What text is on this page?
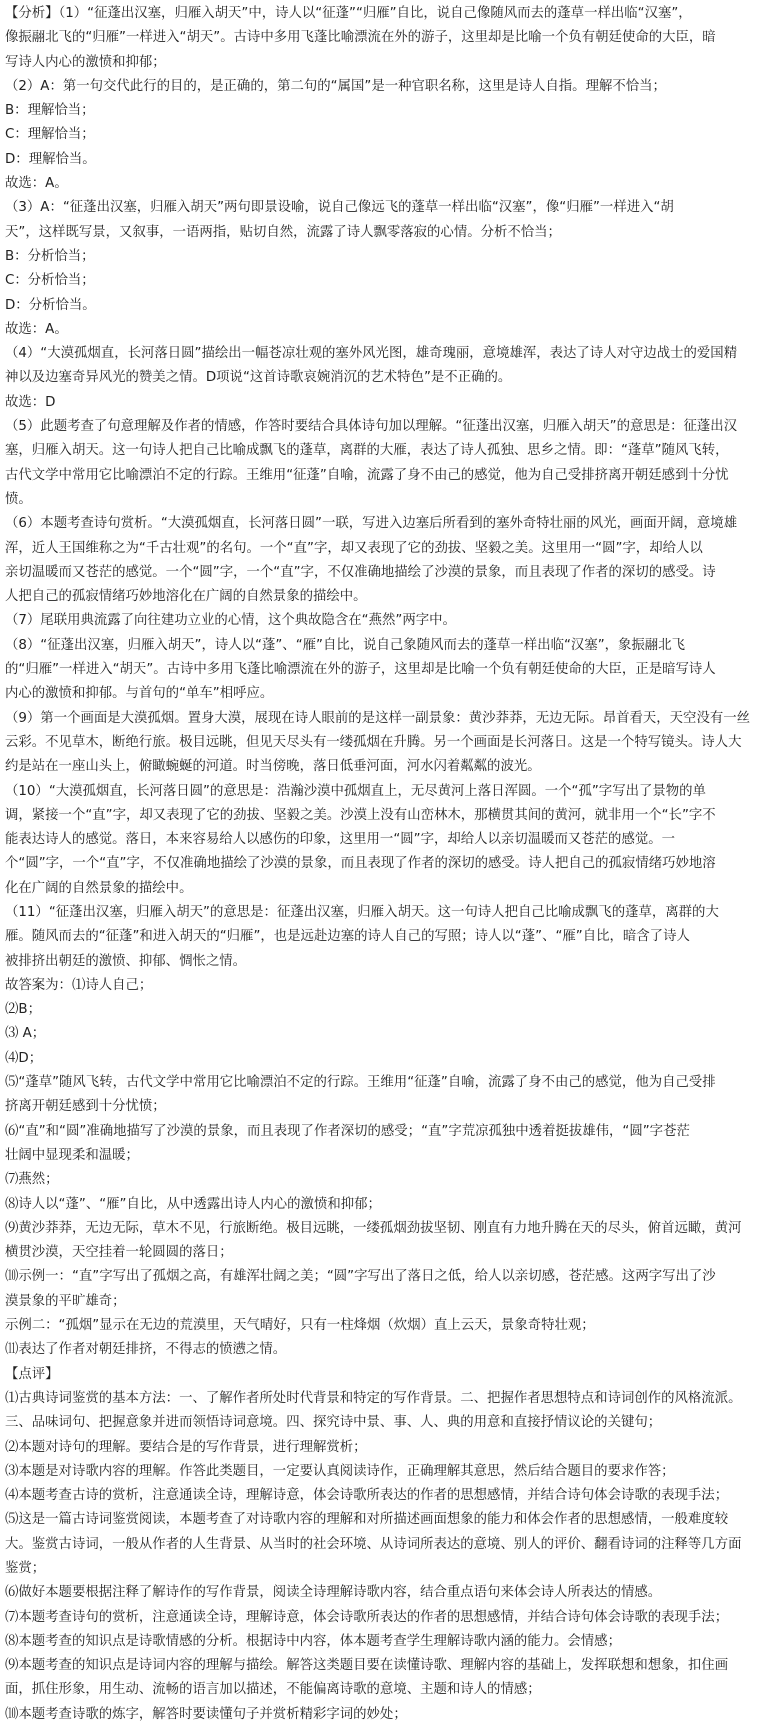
【分析】（1）“征蓬出汉塞，归雁入胡天”中，诗人以“征蓬”“归雁”自比，说自己像随风而去的蓬草一样出临“汉塞”，
像振翮北飞的“归雁”一样进入“胡天”。古诗中多用飞蓬比喻漂流在外的游子，这里却是比喻一个负有朝廷使命的大臣，暗
写诗人内心的激愤和抑郁；
（2）A：第一句交代此行的目的，是正确的，第二句的“属国”是一种官职名称，这里是诗人自指。理解不恰当；
B：理解恰当；
C：理解恰当；
D：理解恰当。
故选：A。
（3）A：“征蓬出汉塞，归雁入胡天”两句即景设喻，说自己像远飞的蓬草一样出临“汉塞”，像“归雁”一样进入“胡
天”，这样既写景，又叙事，一语两指，贴切自然，流露了诗人飘零落寂的心情。分析不恰当；
B：分析恰当；
C：分析恰当；
D：分析恰当。
故选：A。
（4）“大漠孤烟直，长河落日圆”描绘出一幅苍凉壮观的塞外风光图，雄奇瑰丽，意境雄浑，表达了诗人对守边战士的爱国精
神以及边塞奇异风光的赞美之情。D项说“这首诗歌哀婉消沉的艺术特色”是不正确的。
故选：D
（5）此题考查了句意理解及作者的情感，作答时要结合具体诗句加以理解。“征蓬出汉塞，归雁入胡天”的意思是：征蓬出汉
塞，归雁入胡天。这一句诗人把自己比喻成飘飞的蓬草，离群的大雁，表达了诗人孤独、思乡之情。即：“蓬草”随风飞转，
古代文学中常用它比喻漂泊不定的行踪。王维用“征蓬”自喻，流露了身不由己的感觉，他为自己受排挤离开朝廷感到十分忧
愤。
（6）本题考查诗句赏析。“大漠孤烟直，长河落日圆”一联，写进入边塞后所看到的塞外奇特壮丽的风光，画面开阔，意境雄
浑，近人王国维称之为“千古壮观”的名句。一个“直”字，却又表现了它的劲拔、坚毅之美。这里用一“圆”字，却给人以
亲切温暖而又苍茫的感觉。一个“圆”字，一个“直”字，不仅准确地描绘了沙漠的景象，而且表现了作者的深切的感受。诗
人把自己的孤寂情绪巧妙地溶化在广阔的自然景象的描绘中。
（7）尾联用典流露了向往建功立业的心情，这个典故隐含在“燕然”两字中。
（8）“征蓬出汉塞，归雁入胡天”，诗人以“蓬”、“雁”自比，说自己象随风而去的蓬草一样出临“汉塞”，象振翮北飞
的“归雁”一样进入“胡天”。古诗中多用飞蓬比喻漂流在外的游子，这里却是比喻一个负有朝廷使命的大臣，正是暗写诗人
内心的激愤和抑郁。与首句的“单车”相呼应。
（9）第一个画面是大漠孤烟。置身大漠，展现在诗人眼前的是这样一副景象：黄沙莽莽，无边无际。昂首看天，天空没有一丝
云彩。不见草木，断绝行旅。极目远眺，但见天尽头有一缕孤烟在升腾。另一个画面是长河落日。这是一个特写镜头。诗人大
约是站在一座山头上，俯瞰蜿蜒的河道。时当傍晚，落日低垂河面，河水闪着粼粼的波光。
（10）“大漠孤烟直，长河落日圆”的意思是：浩瀚沙漠中孤烟直上，无尽黄河上落日浑圆。一个“孤”字写出了景物的单
调，紧接一个“直”字，却又表现了它的劲拔、坚毅之美。沙漠上没有山峦林木，那横贯其间的黄河，就非用一个“长”字不
能表达诗人的感觉。落日，本来容易给人以感伤的印象，这里用一“圆”字，却给人以亲切温暖而又苍茫的感觉。一
个“圆”字，一个“直”字，不仅准确地描绘了沙漠的景象，而且表现了作者的深切的感受。诗人把自己的孤寂情绪巧妙地溶
化在广阔的自然景象的描绘中。
（11）“征蓬出汉塞，归雁入胡天”的意思是：征蓬出汉塞，归雁入胡天。这一句诗人把自己比喻成飘飞的蓬草，离群的大
雁。随风而去的“征蓬”和进入胡天的“归雁”，也是远赴边塞的诗人自己的写照；诗人以“蓬”、“雁”自比，暗含了诗人
被排挤出朝廷的激愤、抑郁、惆怅之情。
故答案为：⑴诗人自己；
⑵B；
⑶ A；
⑷D；
⑸“蓬草”随风飞转，古代文学中常用它比喻漂泊不定的行踪。王维用“征蓬”自喻，流露了身不由己的感觉，他为自己受排
挤离开朝廷感到十分忧愤；
⑹“直”和“圆”准确地描写了沙漠的景象，而且表现了作者深切的感受；“直”字荒凉孤独中透着挺拔雄伟，“圆”字苍茫
壮阔中显现柔和温暖；
⑺燕然；
⑻诗人以“蓬”、“雁”自比，从中透露出诗人内心的激愤和抑郁；
⑼黄沙莽莽，无边无际，草木不见，行旅断绝。极目远眺，一缕孤烟劲拔坚韧、刚直有力地升腾在天的尽头，俯首远瞰，黄河
横贯沙漠，天空挂着一轮圆圆的落日；
⑽示例一：“直”字写出了孤烟之高，有雄浑壮阔之美；“圆”字写出了落日之低，给人以亲切感，苍茫感。这两字写出了沙
漠景象的平旷雄奇；
示例二：“孤烟”显示在无边的荒漠里，天气晴好，只有一柱烽烟（炊烟）直上云天，景象奇特壮观；
⑾表达了作者对朝廷排挤，不得志的愤懑之情。
【点评】
⑴古典诗词鉴赏的基本方法：一、了解作者所处时代背景和特定的写作背景。二、把握作者思想特点和诗词创作的风格流派。
三、品味词句、把握意象并进而领悟诗词意境。四、探究诗中景、事、人、典的用意和直接抒情议论的关键句；
⑵本题对诗句的理解。要结合是的写作背景，进行理解赏析；
⑶本题是对诗歌内容的理解。作答此类题目，一定要认真阅读诗作，正确理解其意思，然后结合题目的要求作答；
⑷本题考查古诗的赏析，注意通读全诗，理解诗意，体会诗歌所表达的作者的思想感情，并结合诗句体会诗歌的表现手法；
⑸这是一篇古诗词鉴赏阅读，本题考查了对诗歌内容的理解和对所描述画面想象的能力和体会作者的思想感情，一般难度较
大。鉴赏古诗词，一般从作者的人生背景、从当时的社会环境、从诗词所表达的意境、别人的评价、翻看诗词的注释等几方面
鉴赏；
⑹做好本题要根据注释了解诗作的写作背景，阅读全诗理解诗歌内容，结合重点语句来体会诗人所表达的情感。
⑺本题考查诗句的赏析，注意通读全诗，理解诗意，体会诗歌所表达的作者的思想感情，并结合诗句体会诗歌的表现手法；
⑻本题考查的知识点是诗歌情感的分析。根据诗中内容，体本题考查学生理解诗歌内涵的能力。会情感；
⑼本题考查的知识点是诗词内容的理解与描绘。解答这类题目要在读懂诗歌、理解内容的基础上，发挥联想和想象，扣住画
面，抓住形象，用生动、流畅的语言加以描述，不能偏离诗歌的意境、主题和诗人的情感；
⑽本题考查诗歌的炼字，解答时要读懂句子并赏析精彩字词的妙处；
